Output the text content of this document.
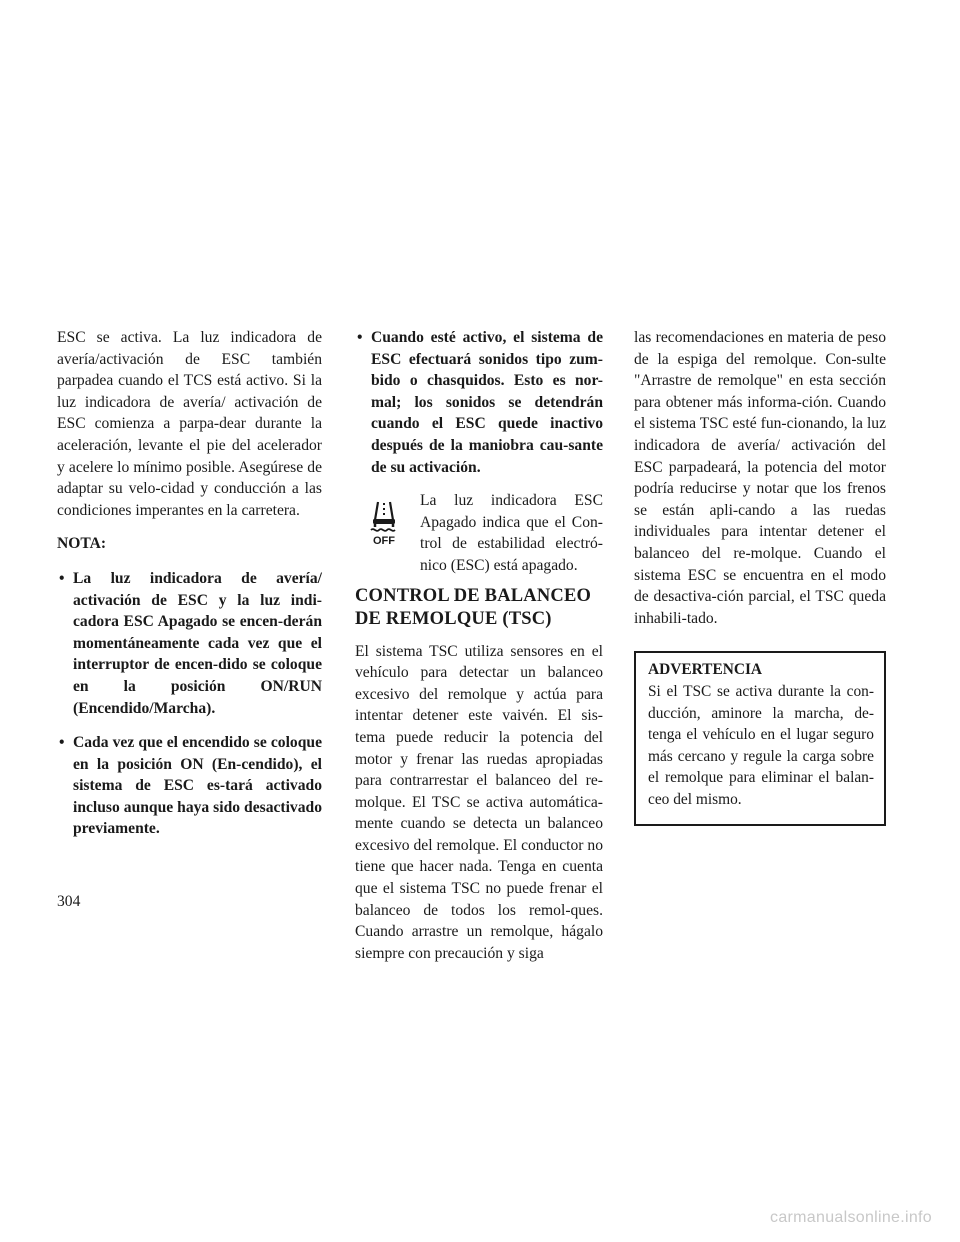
ESC se activa. La luz indicadora de avería/activación de ESC también parpadea cuando el TCS está activo. Si la luz indicadora de avería/ activación de ESC comienza a parpa-dear durante la aceleración, levante el pie del acelerador y acelere lo mínimo posible. Asegúrese de adaptar su velo-cidad y conducción a las condiciones imperantes en la carretera.

NOTA:

• La luz indicadora de avería/ activación de ESC y la luz indi-cadora ESC Apagado se encen-derán momentáneamente cada vez que el interruptor de encen-dido se coloque en la posición ON/RUN (Encendido/Marcha).
• Cada vez que el encendido se coloque en la posición ON (En-cendido), el sistema de ESC es-tará activado incluso aunque haya sido desactivado previamente.
• Cuando esté activo, el sistema de ESC efectuará sonidos tipo zum-bido o chasquidos. Esto es nor-mal; los sonidos se detendrán cuando el ESC quede inactivo después de la maniobra cau-sante de su activación.
OFF

La luz indicadora ESC Apagado indica que el Con-trol de estabilidad electró-nico (ESC) está apagado.

CONTROL DE BALANCEO
DE REMOLQUE (TSC)

El sistema TSC utiliza sensores en el vehículo para detectar un balanceo excesivo del remolque y actúa para intentar detener este vaivén. El sis-tema puede reducir la potencia del motor y frenar las ruedas apropiadas para contrarrestar el balanceo del re-molque. El TSC se activa automática-mente cuando se detecta un balanceo excesivo del remolque. El conductor no tiene que hacer nada. Tenga en cuenta que el sistema TSC no puede frenar el balanceo de todos los remol-ques. Cuando arrastre un remolque, hágalo siempre con precaución y siga

las recomendaciones en materia de peso de la espiga del remolque. Con-sulte "Arrastre de remolque" en esta sección para obtener más informa-ción. Cuando el sistema TSC esté fun-cionando, la luz indicadora de avería/ activación del ESC parpadeará, la potencia del motor podría reducirse y notar que los frenos se están apli-cando a las ruedas individuales para intentar detener el balanceo del re-molque. Cuando el sistema ESC se encuentra en el modo de desactiva-ción parcial, el TSC queda inhabili-tado.

ADVERTENCIA

Si el TSC se activa durante la con-ducción, aminore la marcha, de-tenga el vehículo en el lugar seguro más cercano y regule la carga sobre el remolque para eliminar el balan-ceo del mismo.

304
carmanualsonline.info
